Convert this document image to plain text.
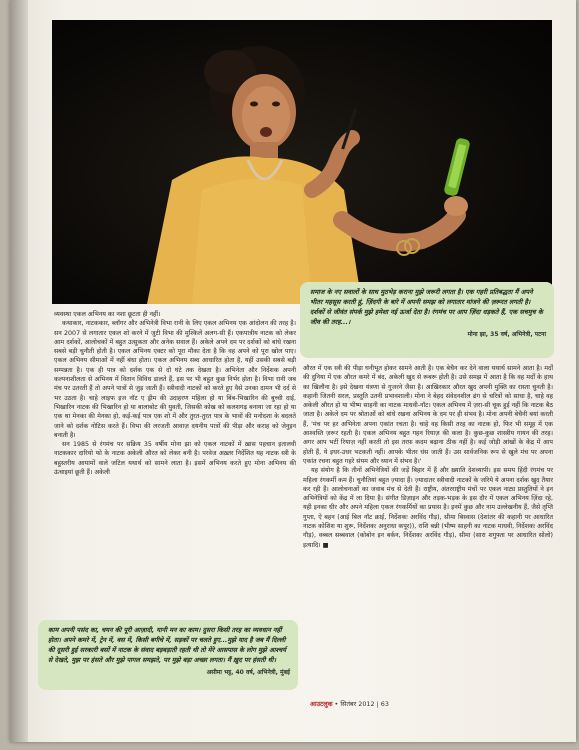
समाज के नए सवालों के साथ मुठभेड़ कराना मुझे जरूरी लगता है। एक गहरी प्रतिबद्धता मैं अपने भीतर महसूस करती हूं, ज़िंदगी के बारे में अपनी समझ को लगातार मांजने की ज़रूरत लगती है। दर्शकों से जीवंत संपर्क मुझे हमेशा नई ऊर्जा देता है। रंगमंच पर आप ज़िंदा धड़कते हैं, एक सचमुच के जीव की तरह...।
मोना झा, 35 वर्ष, अभिनेत्री, पटना

व्यवस्था एकल अभिनय का नशा छूटता ही नहीं।

कथाकार, नाटककार, ब्लॉगर और अभिनेत्री विभा रानी के लिए एकल अभिनय एक आंदोलन की तरह है। सन 2007 से लगातार एकल शो करने में जुटी विभा की मुश्किलें अलग-सी हैं। एकपात्रीय नाटक को लेकर आम दर्शकों, आलोचकों में बहुत उत्सुकता और अनेक सवाल हैं। अकेले अपने दम पर दर्शकों को बांधे रखना सबसे बड़ी चुनौती होती है। एकल अभिनय एक्टर को पूरा मौका देता है कि वह अपने को पूरा खोल पाए। एकल अभिनय सीमाओं में नहीं बंधा होता। एकल अभिनय सब्द आधारित होता है, यहीं उसकी सबसे बड़ी सम्पन्नता है। एक ही पात्र को दर्शक एक से दो घंटे तक देखता है। अभिनेता और निर्देशक अपनी कल्पनाशीलता से अभिनय में वितान विविध डालते हैं, इस पर भी बहुत कुछ निर्भर होता है। विभा रानी जब मंच पर उतरती हैं तो अपने पात्रों से जुड़ जाती हैं। स्त्रीवादी नाटकों को करते हुए वैसे उनका दामन भी दर्द से भर उठता है। चाहे लाइफ इज नॉट ए ड्रीम की उदाहरण महिला हो या बिंब-भिखारिन की बुच्ची दाई, भिखारिन नाटक की भिखारिन हो या बालाबोट की युवती, जिसकी कोख को कलशगढ़ बनाया जा रहा हो या एक था मेनका की मेनका हो, कई-कई पात्र एक शो में और तुरत-तुरत पात्र के भावों की मनोदशा के बदलते जाने को दर्शक नोटिस करते हैं। विभा की लरजती आवाज़ दयनीय पात्रों की पीड़ा और कराह को जेनुइन बनाती है।

सन 1985 से रंगमंच पर सक्रिय 35 वर्षीय मोना झा को एकल नाटकों में ख़ास पहचान इतालवी नाटककार दारियो फो के नाटक अकेली औरत को लेकर बनी है। परवेज अख़्तर निर्देशित यह नाटक स्त्री के बहुस्तरीय आयामों वाले जटिल यथार्थ को सामने लाता है। इसमें अभिनय करते हुए मोना अभिनय की ऊंचाइयां छूती हैं। अकेली

काम अपनी पसंद का, चयन की पूरी आज़ादी, यानी मन का काम। दुसरा किसी तरह का व्यवधान नहीं होता। अपने कमरे में, ट्रेन में, बस में, किसी बगीचे में, सड़कों पर चलते हुए...मुझे याद है जब मैं दिल्ली की दूसरी हुई सरकारी बसों में नाटक के संवाद बड़बड़ाती रहती थी तो मेरे आसपास के लोग मुझे आश्चर्य से देखते, मुझ पर हंसते और मुझे पागल समझते, पर मुझे बड़ा अच्छा लगता। मैं ख़ुद पर हंसती थी।
असीमा भट्ट, 40 वर्ष, अभिनेत्री, मुंबई

औरत में एक स्त्री की पीड़ा घनीभूत होकर सामने आती है। एक बेचैन कर देने वाला यथार्थ सामने आता है। मर्दों की दुनिया में एक औरत कमरे में बंद, अकेली खुद से रूबरू होती है। उसे समझ में आता है कि वह मर्दों के हाथ का खिलौना है। इसे देखना यंत्रणा से गुजरने जैसा है। आखिरकार औरत खुद अपनी मुक्ति का रास्ता चुनती है। कहानी जितनी सरल, प्रस्तुति उतनी प्रभावशाली। मोना ने बेहद संवेदनशील ढंग से चरित्रों को साधा है, चाहे वह अकेली औरत हो या भीष्म साहनी का नाटक माधवी-नॉट। एकल अभिनय में ज़रा-सी चूक हुई नहीं कि नाटक बैठ जाता है। अकेले दम पर श्रोताओं को बांधे रखना अभिनय के दम पर ही संभव है। मोना अपनी बेचैनी बयां करती हैं, 'मंच पर हर अभिनेता अपना एकांत रचता है। चाहे वह किसी तरह का नाटक हो, फिर भी समूह में एक आश्वस्ति ज़रूर रहती है। एकल अभिनय बहुत गहन रियाज़ की कला है। कुछ-कुछ शास्त्रीय गायन की तरह। अगर आप भटीं रियाज़ नहीं करती तो इस तरफ़ कदम बढ़ाना ठीक नहीं है। कई जोड़ी आंखों के केंद्र में आप होती हैं, ये इधर-उधर भटकती नहीं। आपके भीतर धंस जाती हैं। उस सार्वजनिक रूप से खुले मंच पर अपना एकांत रचना बहुत गहरे संयम और ध्यान में संभव है।'

यह संयोग है कि तीनों अभिनेत्रियों की जड़ें बिहार में हैं और ख़्याति देशव्यापी। इस समय हिंदी रंगमंच पर महिला रंगकर्मी कम हैं। चुनौतियां बहुत ज़्यादा हैं। ज़्यादातर स्त्रीवादी नाटकों के जरिये ये अपना दर्शक खुद तैयार कर रही हैं। आलोचनाओं का जवाब मंच से देती हैं। राष्ट्रीय, अंतरराष्ट्रीय मंचों पर एकल नाट्य प्रस्तुतियों ने इन अभिनेत्रियों को केंद्र में ला दिया है। संगीत डिज़ाइन और तड़क-भड़क के इस दौर में एकल अभिनय ज़िंदा रहे, यही इनका धीर और अपने महिला एकल रंगकर्मियों का प्रयास है। इनमें कुछ और नाम उल्लेखनीय हैं, जैसे तृप्ति गुप्ता, ऐ बहन (आई बिल नॉट क्राई, निर्देशकः अरविंद गौड़), सीमा बिस्वास (देशांतर की कहानी पर आधारित नाटक कोशिश या शुरू, निर्देशकः अनुराधा कपूर)), राशि बन्नी (भीष्म साहनी का नाटक माधवी, निर्देशकः अरविंद गौड़), वब्बल सब्बवाल (कोबोन इन बर्कन, निर्देशकः अरविंद गौड़), सीमा (सारा शगुफ्ता पर आधारित सोलो) इत्यादि। ■

आउटलुक • सितंबर 2012 | 63
